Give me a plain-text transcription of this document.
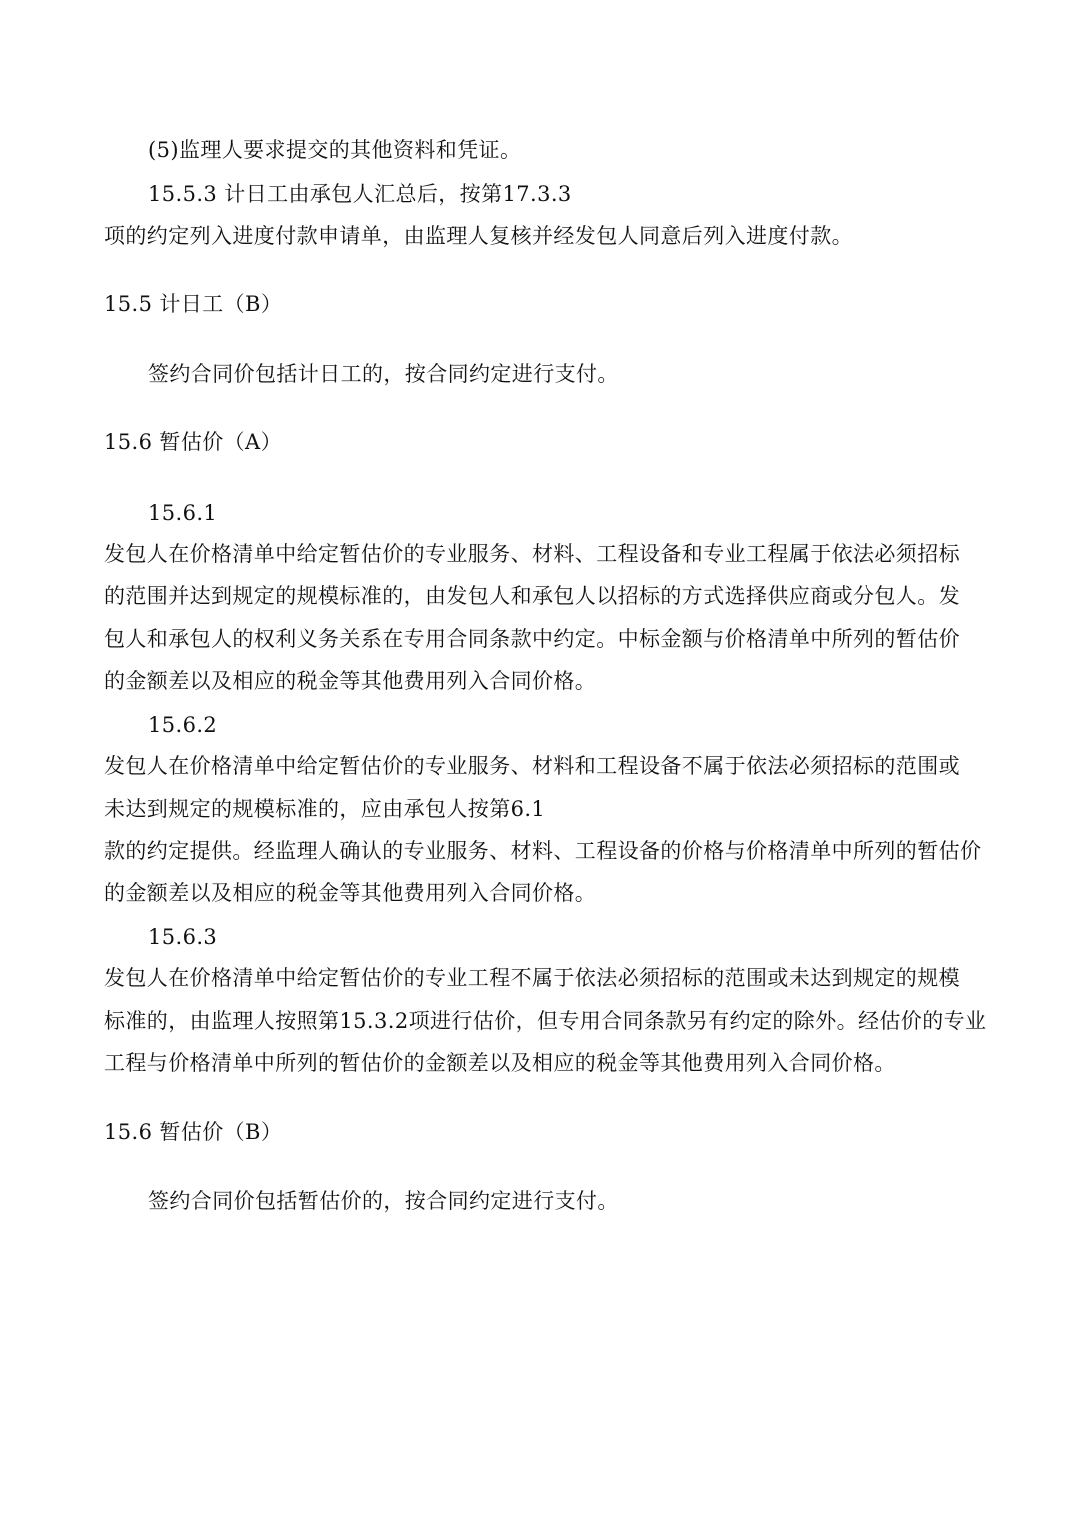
(5)监理人要求提交的其他资料和凭证。
15.5.3 计日工由承包人汇总后，按第17.3.3
项的约定列入进度付款申请单，由监理人复核并经发包人同意后列入进度付款。
15.5 计日工（B）
签约合同价包括计日工的，按合同约定进行支付。
15.6 暂估价（A）
15.6.1
发包人在价格清单中给定暂估价的专业服务、材料、工程设备和专业工程属于依法必须招标
的范围并达到规定的规模标准的，由发包人和承包人以招标的方式选择供应商或分包人。发
包人和承包人的权利义务关系在专用合同条款中约定。中标金额与价格清单中所列的暂估价
的金额差以及相应的税金等其他费用列入合同价格。
15.6.2
发包人在价格清单中给定暂估价的专业服务、材料和工程设备不属于依法必须招标的范围或
未达到规定的规模标准的，应由承包人按第6.1
款的约定提供。经监理人确认的专业服务、材料、工程设备的价格与价格清单中所列的暂估价
的金额差以及相应的税金等其他费用列入合同价格。
15.6.3
发包人在价格清单中给定暂估价的专业工程不属于依法必须招标的范围或未达到规定的规模
标准的，由监理人按照第15.3.2项进行估价，但专用合同条款另有约定的除外。经估价的专业
工程与价格清单中所列的暂估价的金额差以及相应的税金等其他费用列入合同价格。
15.6 暂估价（B）
签约合同价包括暂估价的，按合同约定进行支付。
